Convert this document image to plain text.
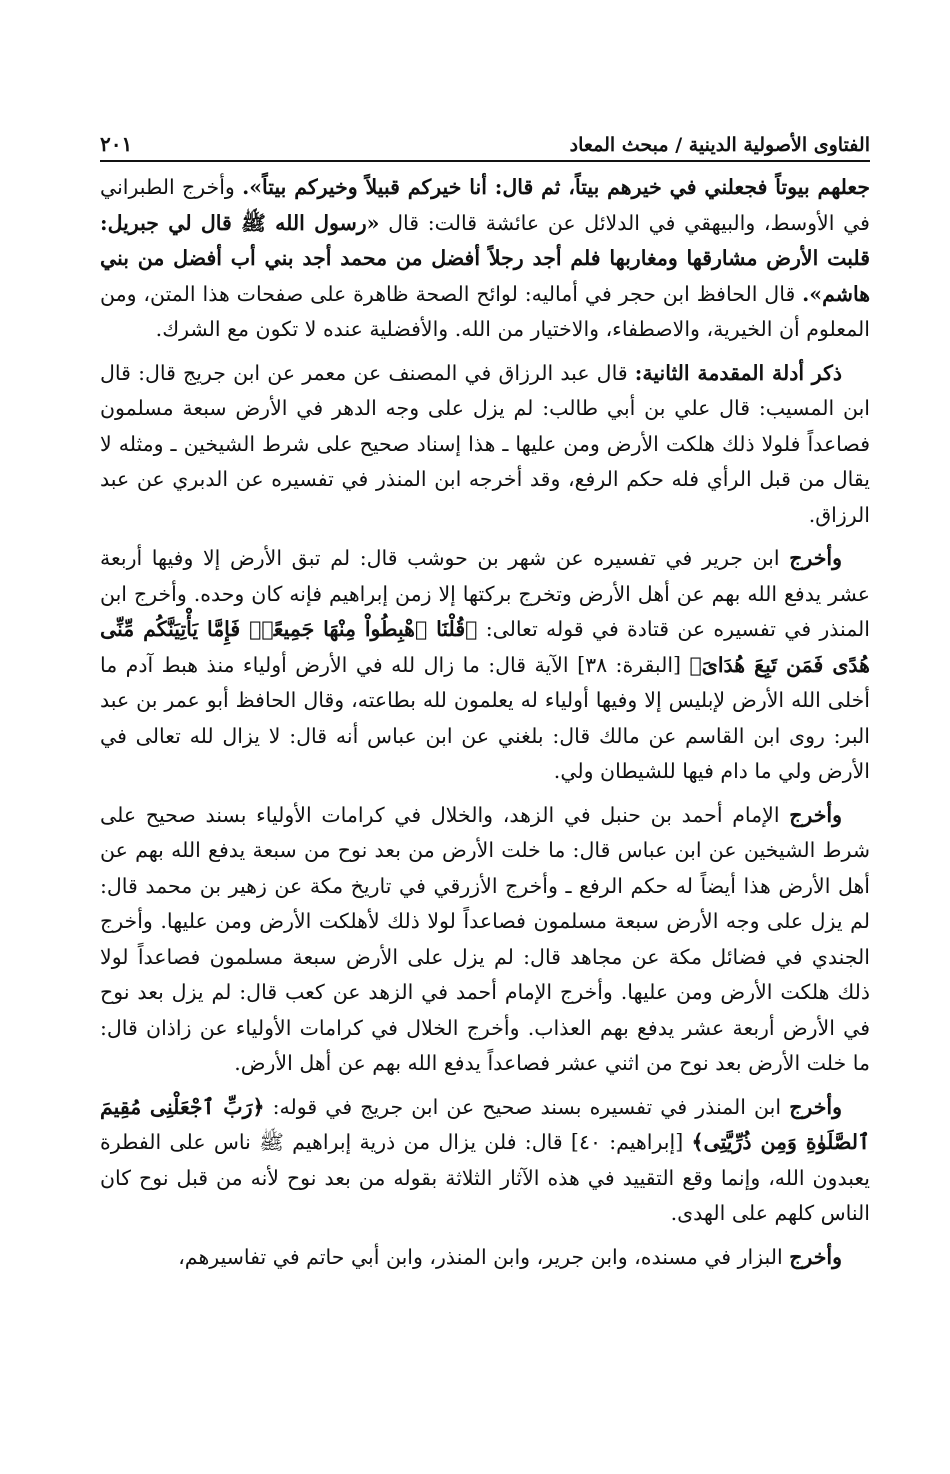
٢٠١	الفتاوى الأصولية الدينية / مبحث المعاد

جعلهم بيوتاً فجعلني في خيرهم بيتاً، ثم قال: أنا خيركم قبيلاً وخيركم بيتاً». وأخرج الطبراني في الأوسط، والبيهقي في الدلائل عن عائشة قالت: قال «رسول الله ﷺ قال لي جبريل: قلبت الأرض مشارقها ومغاربها فلم أجد رجلاً أفضل من محمد أجد بني أب أفضل من بني هاشم». قال الحافظ ابن حجر في أماليه: لوائح الصحة ظاهرة على صفحات هذا المتن، ومن المعلوم أن الخيرية، والاصطفاء، والاختيار من الله. والأفضلية عنده لا تكون مع الشرك.

ذكر أدلة المقدمة الثانية: قال عبد الرزاق في المصنف عن معمر عن ابن جريج قال: قال ابن المسيب: قال علي بن أبي طالب: لم يزل على وجه الدهر في الأرض سبعة مسلمون فصاعداً فلولا ذلك هلكت الأرض ومن عليها ـ هذا إسناد صحيح على شرط الشيخين ـ ومثله لا يقال من قبل الرأي فله حكم الرفع، وقد أخرجه ابن المنذر في تفسيره عن الدبري عن عبد الرزاق.

وأخرج ابن جرير في تفسيره عن شهر بن حوشب قال: لم تبق الأرض إلا وفيها أربعة عشر يدفع الله بهم عن أهل الأرض وتخرج بركتها إلا زمن إبراهيم فإنه كان وحده. وأخرج ابن المنذر في تفسيره عن قتادة في قوله تعالى: ﴿قُلْنَا ٱهْبِطُواْ مِنْهَا جَمِيعًاۖ فَإِمَّا يَأْتِيَنَّكُم مِّنِّى هُدًى فَمَن تَبِعَ هُدَاىَ﴾ [البقرة: ٣٨] الآية قال: ما زال لله في الأرض أولياء منذ هبط آدم ما أخلى الله الأرض لإبليس إلا وفيها أولياء له يعلمون لله بطاعته، وقال الحافظ أبو عمر بن عبد البر: روى ابن القاسم عن مالك قال: بلغني عن ابن عباس أنه قال: لا يزال لله تعالى في الأرض ولي ما دام فيها للشيطان ولي.

وأخرج الإمام أحمد بن حنبل في الزهد، والخلال في كرامات الأولياء بسند صحيح على شرط الشيخين عن ابن عباس قال: ما خلت الأرض من بعد نوح من سبعة يدفع الله بهم عن أهل الأرض هذا أيضاً له حكم الرفع ـ وأخرج الأزرقي في تاريخ مكة عن زهير بن محمد قال: لم يزل على وجه الأرض سبعة مسلمون فصاعداً لولا ذلك لأهلكت الأرض ومن عليها. وأخرج الجندي في فضائل مكة عن مجاهد قال: لم يزل على الأرض سبعة مسلمون فصاعداً لولا ذلك هلكت الأرض ومن عليها. وأخرج الإمام أحمد في الزهد عن كعب قال: لم يزل بعد نوح في الأرض أربعة عشر يدفع بهم العذاب. وأخرج الخلال في كرامات الأولياء عن زاذان قال: ما خلت الأرض بعد نوح من اثني عشر فصاعداً يدفع الله بهم عن أهل الأرض.

وأخرج ابن المنذر في تفسيره بسند صحيح عن ابن جريج في قوله: ﴿رَبِّ ٱجْعَلْنِى مُقِيمَ ٱلصَّلَوٰةِ وَمِن ذُرِّيَّتِى﴾ [إبراهيم: ٤٠] قال: فلن يزال من ذرية إبراهيم ﷺ ناس على الفطرة يعبدون الله، وإنما وقع التقييد في هذه الآثار الثلاثة بقوله من بعد نوح لأنه من قبل نوح كان الناس كلهم على الهدى.

وأخرج البزار في مسنده، وابن جرير، وابن المنذر، وابن أبي حاتم في تفاسيرهم،
